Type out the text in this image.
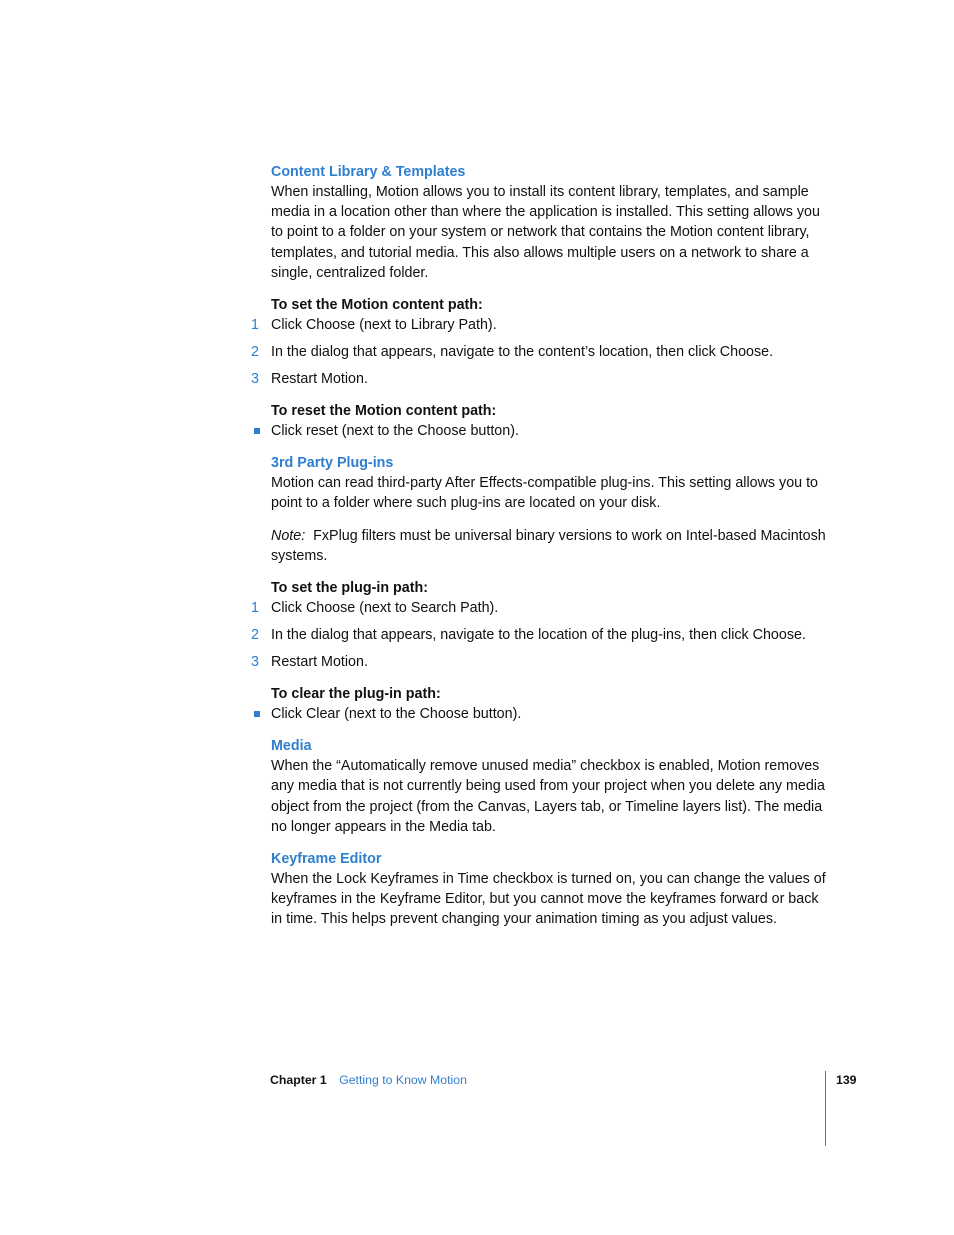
Content Library & Templates

When installing, Motion allows you to install its content library, templates, and sample media in a location other than where the application is installed. This setting allows you to point to a folder on your system or network that contains the Motion content library, templates, and tutorial media. This also allows multiple users on a network to share a single, centralized folder.

To set the Motion content path:

1 Click Choose (next to Library Path).
2 In the dialog that appears, navigate to the content’s location, then click Choose.
3 Restart Motion.

To reset the Motion content path:

Click reset (next to the Choose button).

3rd Party Plug-ins

Motion can read third-party After Effects-compatible plug-ins. This setting allows you to point to a folder where such plug-ins are located on your disk.

Note: FxPlug filters must be universal binary versions to work on Intel-based Macintosh systems.

To set the plug-in path:

1 Click Choose (next to Search Path).
2 In the dialog that appears, navigate to the location of the plug-ins, then click Choose.
3 Restart Motion.

To clear the plug-in path:

Click Clear (next to the Choose button).

Media

When the “Automatically remove unused media” checkbox is enabled, Motion removes any media that is not currently being used from your project when you delete any media object from the project (from the Canvas, Layers tab, or Timeline layers list). The media no longer appears in the Media tab.

Keyframe Editor

When the Lock Keyframes in Time checkbox is turned on, you can change the values of keyframes in the Keyframe Editor, but you cannot move the keyframes forward or back in time. This helps prevent changing your animation timing as you adjust values.

Chapter 1 Getting to Know Motion	139
